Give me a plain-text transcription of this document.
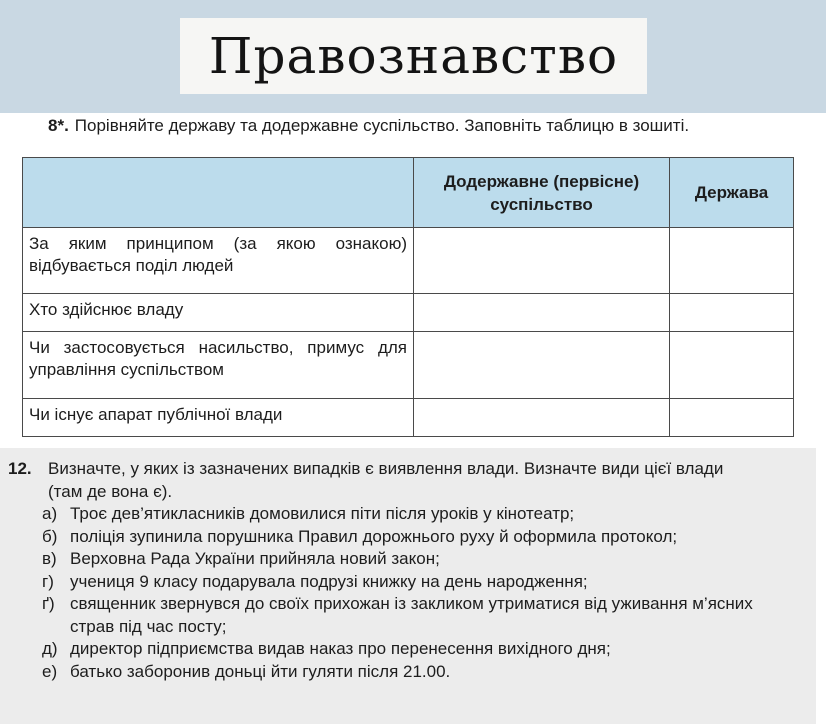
Правознавство
8*. Порівняйте державу та додержавне суспільство. Заповніть таблицю в зошиті.
	Додержавне (первісне) суспільство	Держава
За яким принципом (за якою ознакою) відбувається поділ людей		
Хто здійснює владу		
Чи застосовується насильство, примус для управління суспільством		
Чи існує апарат публічної влади		
12. Визначте, у яких із зазначених випадків є виявлення влади. Визначте види цієї влади (там де вона є).
а) Троє дев’ятикласників домовилися піти після уроків у кінотеатр;
б) поліція зупинила порушника Правил дорожнього руху й оформила протокол;
в) Верховна Рада України прийняла новий закон;
г) учениця 9 класу подарувала подрузі книжку на день народження;
ґ) священник звернувся до своїх прихожан із закликом утриматися від уживання м’ясних страв під час посту;
д) директор підприємства видав наказ про перенесення вихідного дня;
е) батько заборонив доньці йти гуляти після 21.00.
